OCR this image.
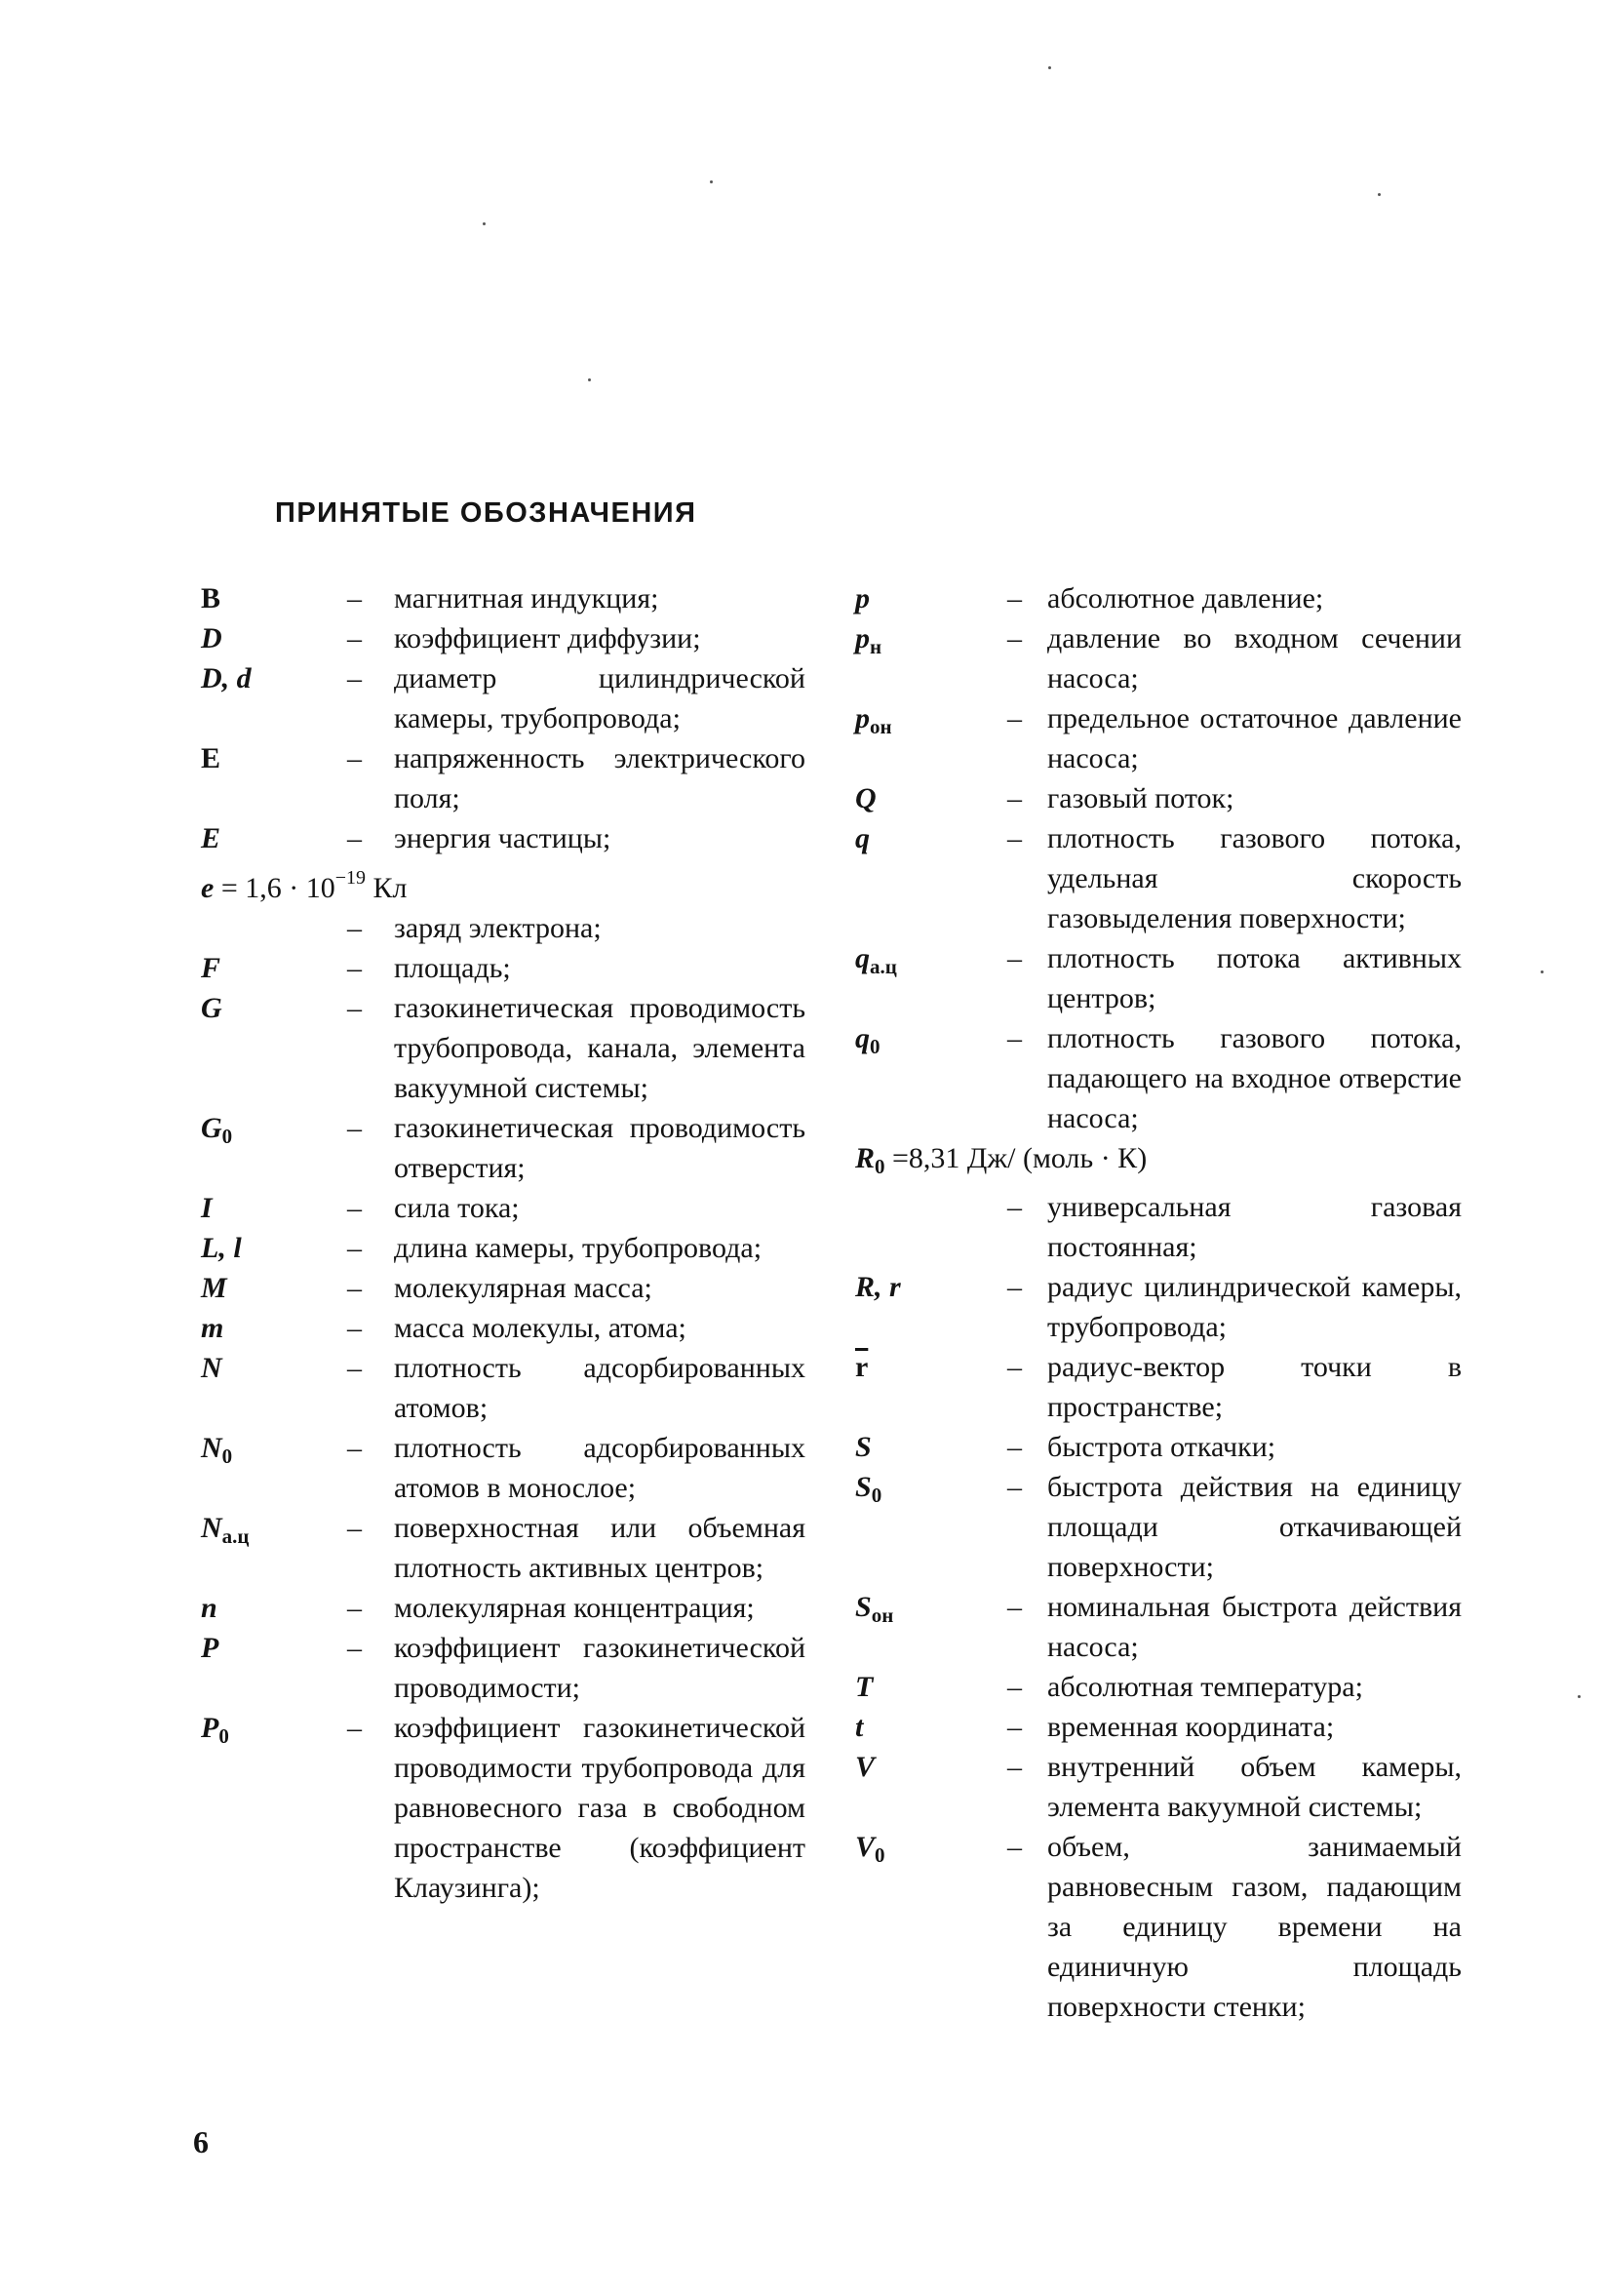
ПРИНЯТЫЕ ОБОЗНАЧЕНИЯ
B	– магнитная индукция;
D	– коэффициент диффузии;
D, d	– диаметр цилиндрической камеры, трубопровода;
E	– напряженность электрического поля;
E	– энергия частицы;
$e = 1,6 \cdot 10^{-19}$ Кл
– заряд электрона;
F	– площадь;
G	– газокинетическая проводимость трубопровода, канала, элемента вакуумной системы;
$G_0$	– газокинетическая проводимость отверстия;
I	– сила тока;
L, l	– длина камеры, трубопровода;
M	– молекулярная масса;
m	– масса молекулы, атома;
N	– плотность адсорбированных атомов;
$N_0$	– плотность адсорбированных атомов в монослое;
$N_{а.ц}$	– поверхностная или объемная плотность активных центров;
n	– молекулярная концентрация;
P	– коэффициент газокинетической проводимости;
$P_0$	– коэффициент газокинетической проводимости трубопровода для равновесного газа в свободном пространстве (коэффициент Клаузинга);
p	– абсолютное давление;
$p_н$	– давление во входном сечении насоса;
$p_{он}$	– предельное остаточное давление насоса;
Q	– газовый поток;
q	– плотность газового потока, удельная скорость газовыделения поверхности;
$q_{а.ц}$	– плотность потока активных центров;
$q_0$	– плотность газового потока, падающего на входное отверстие насоса;
$R_0 =8,31$ Дж/ (моль · К)
– универсальная газовая постоянная;
R, r	– радиус цилиндрической камеры, трубопровода;
$\overline{r}$	– радиус-вектор точки в пространстве;
S	– быстрота откачки;
$S_0$	– быстрота действия на единицу площади откачивающей поверхности;
$S_{он}$	– номинальная быстрота действия насоса;
T	– абсолютная температура;
t	– временная координата;
V	– внутренний объем камеры, элемента вакуумной системы;
$V_0$	– объем, занимаемый равновесным газом, падающим за единицу времени на единичную площадь поверхности стенки;
6
